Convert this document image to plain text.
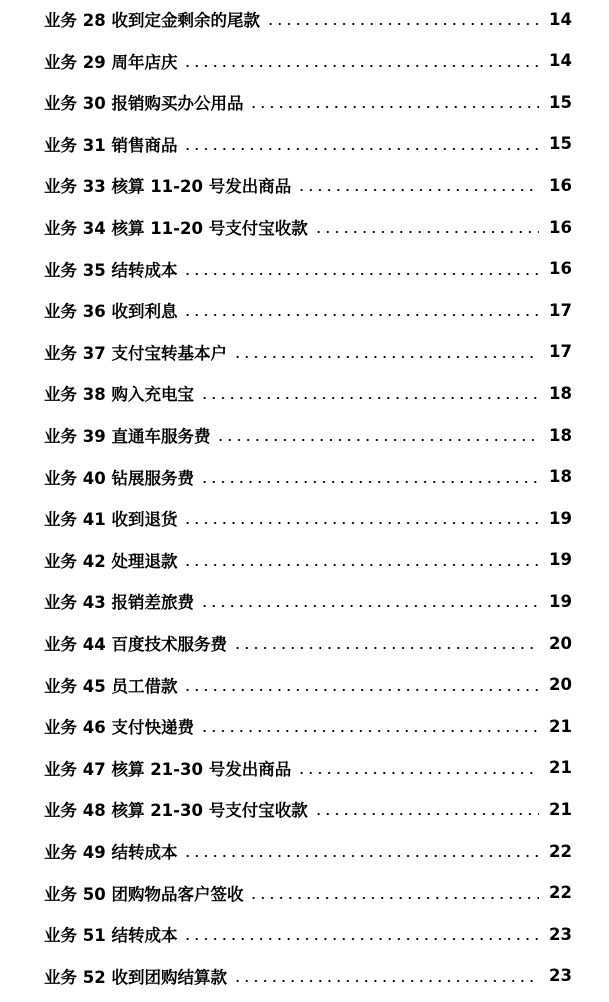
业务 28 收到定金剩余的尾款	14
业务 29 周年店庆	14
业务 30 报销购买办公用品	15
业务 31 销售商品	15
业务 33 核算 11-20 号发出商品	16
业务 34 核算 11-20 号支付宝收款	16
业务 35 结转成本	16
业务 36 收到利息	17
业务 37 支付宝转基本户	17
业务 38 购入充电宝	18
业务 39 直通车服务费	18
业务 40 钻展服务费	18
业务 41 收到退货	19
业务 42 处理退款	19
业务 43 报销差旅费	19
业务 44 百度技术服务费	20
业务 45 员工借款	20
业务 46 支付快递费	21
业务 47 核算 21-30 号发出商品	21
业务 48 核算 21-30 号支付宝收款	21
业务 49 结转成本	22
业务 50 团购物品客户签收	22
业务 51 结转成本	23
业务 52 收到团购结算款	23
